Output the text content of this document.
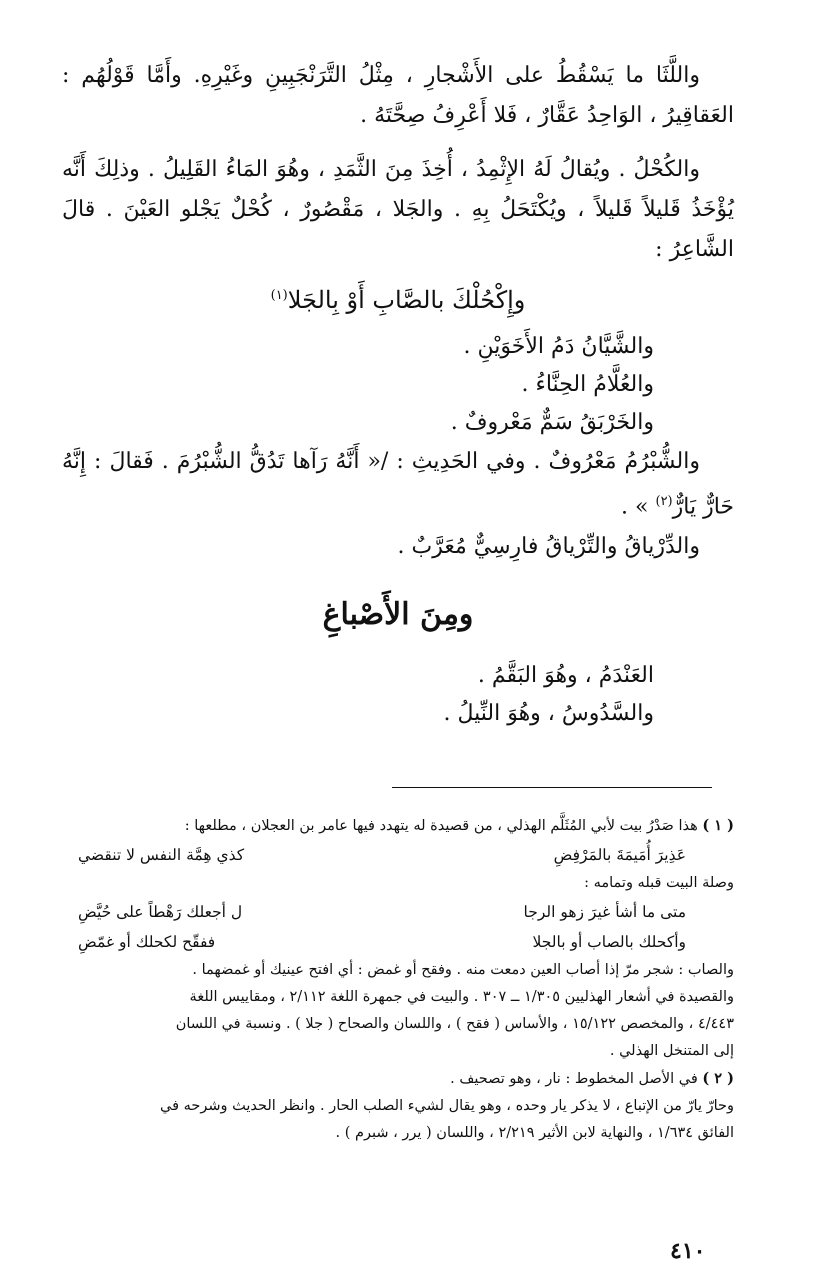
واللَّثَا ما يَسْقُطُ على الأَشْجارِ ، مِثْلُ التَّرَنْجَبِينِ وغَيْرِهِ. وأَمَّا قَوْلُهُم : العَقاقِيرُ ، الوَاحِدُ عَقَّارٌ ، فَلا أَعْرِفُ صِحَّتَهُ .

والكُحْلُ . ويُقالُ لَهُ الإِثْمِدُ ، أُخِذَ مِنَ الثَّمَدِ ، وهُوَ المَاءُ القَلِيلُ . وذلِكَ أَنَّه يُؤْخَذُ قَليلاً قَليلاً ، ويُكْتَحَلُ بِهِ . والجَلا ، مَقْصُورٌ ، كُحْلٌ يَجْلو العَيْنَ . قالَ الشَّاعِرُ :

وإِكْحُلْكَ بالصَّابِ أَوْ بِالجَلا$^{(١)}$

والشَّيَّانُ دَمُ الأَخَوَيْنِ .

والعُلَّامُ الحِنَّاءُ .

والخَرْبَقُ سَمٌّ مَعْروفٌ .

والشُّبْرُمُ مَعْرُوفٌ . وفي الحَدِيثِ : /« أَنَّهُ رَآها تَدُقُّ الشُّبْرُمَ . فَقالَ : إِنَّهُ حَارٌّ يَارٌّ$^{(٢)}$ » .

والدِّرْياقُ والتِّرْياقُ فارِسِيٌّ مُعَرَّبٌ .

ومِنَ الأَصْباغِ

العَنْدَمُ ، وهُوَ البَقَّمُ .

والسَّدُوسُ ، وهُوَ النِّيلُ .

( ١ ) هذا صَدْرُ بيت لأبي المُثَلَّم الهذلي ، من قصيدة له يتهدد فيها عامر بن العجلان ، مطلعها :

عَذِيرَ أُمَيمَةَ بالمَرْفِضِ
كذي هِمَّة النفس لا تنقضي

وصلة البيت قبله وتمامه :

متى ما أشأ غيرَ زهو الرجا
ل أجعلك رَهْطاً على حُيَّضِ
وأكحلك بالصاب أو بالجلا
ففقّح لكحلك أو غمّضِ

والصاب : شجر مرّ إذا أصاب العين دمعت منه . وفقح أو غمض : أي افتح عينيك أو غمضهما .

والقصيدة في أشعار الهذليين ١/٣٠٥ ــ ٣٠٧ . والبيت في جمهرة اللغة ٢/١١٢ ، ومقاييس اللغة

٤/٤٤٣ ، والمخصص ١٥/١٢٢ ، والأساس ( فقح ) ، واللسان والصحاح ( جلا ) . ونسبة في اللسان

إلى المتنخل الهذلي .

( ٢ ) في الأصل المخطوط : نار ، وهو تصحيف .

وحارّ يارّ من الإتباع ، لا يذكر يار وحده ، وهو يقال لشيء الصلب الحار . وانظر الحديث وشرحه في

الفائق ١/٦٣٤ ، والنهاية لابن الأثير ٢/٢١٩ ، واللسان ( يرر ، شبرم ) .

٤١٠
